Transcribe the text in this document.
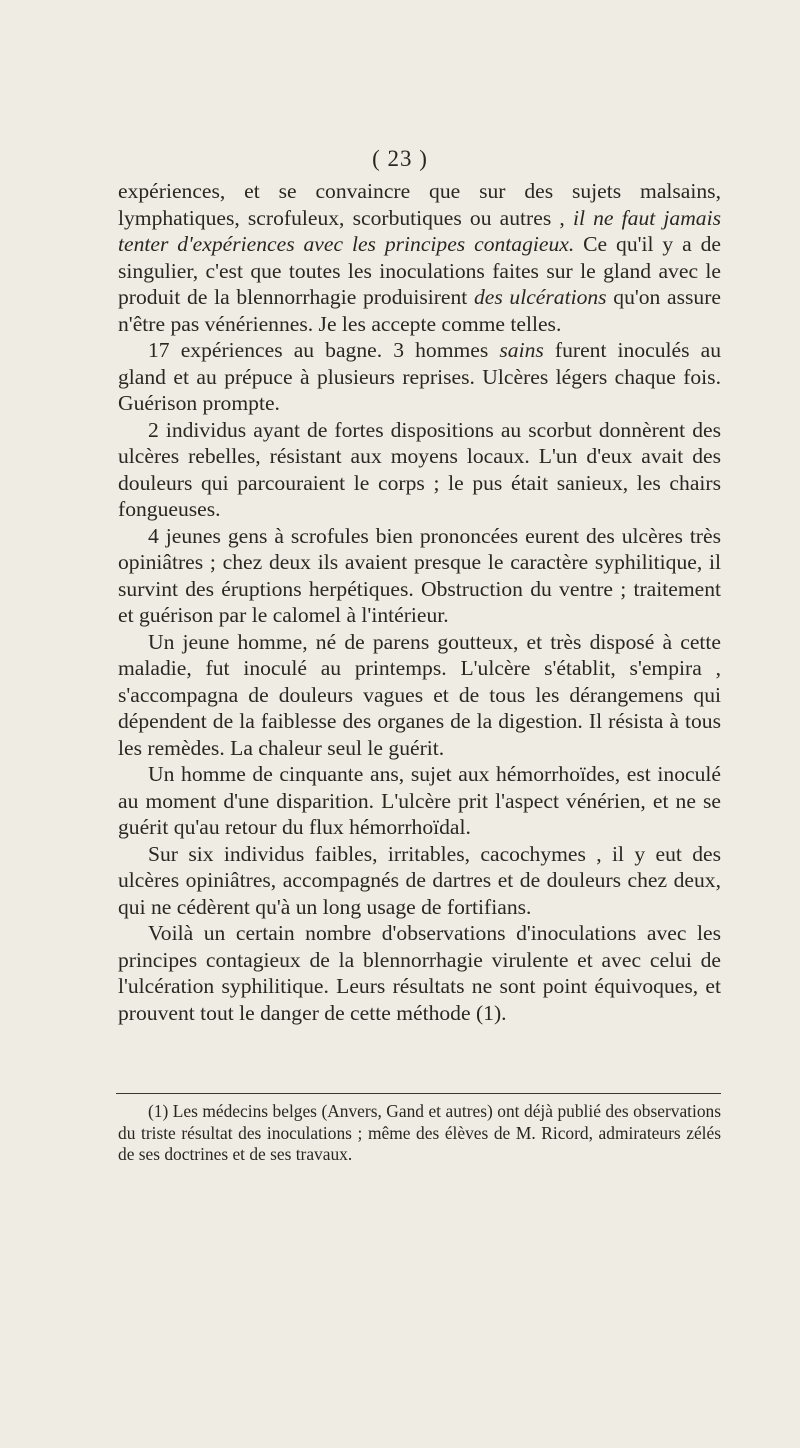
( 23 )

expériences, et se convaincre que sur des sujets malsains, lymphatiques, scrofuleux, scorbutiques ou autres , il ne faut jamais tenter d'expériences avec les principes contagieux. Ce qu'il y a de singulier, c'est que toutes les inoculations faites sur le gland avec le produit de la blennorrhagie produisirent des ulcérations qu'on assure n'être pas vénériennes. Je les accepte comme telles.

17 expériences au bagne. 3 hommes sains furent inoculés au gland et au prépuce à plusieurs reprises. Ulcères légers chaque fois. Guérison prompte.

2 individus ayant de fortes dispositions au scorbut donnèrent des ulcères rebelles, résistant aux moyens locaux. L'un d'eux avait des douleurs qui parcouraient le corps ; le pus était sanieux, les chairs fongueuses.

4 jeunes gens à scrofules bien prononcées eurent des ulcères très opiniâtres ; chez deux ils avaient presque le caractère syphilitique, il survint des éruptions herpétiques. Obstruction du ventre ; traitement et guérison par le calomel à l'intérieur.

Un jeune homme, né de parens goutteux, et très disposé à cette maladie, fut inoculé au printemps. L'ulcère s'établit, s'empira , s'accompagna de douleurs vagues et de tous les dérangemens qui dépendent de la faiblesse des organes de la digestion. Il résista à tous les remèdes. La chaleur seul le guérit.

Un homme de cinquante ans, sujet aux hémorrhoïdes, est inoculé au moment d'une disparition. L'ulcère prit l'aspect vénérien, et ne se guérit qu'au retour du flux hémorrhoïdal.

Sur six individus faibles, irritables, cacochymes , il y eut des ulcères opiniâtres, accompagnés de dartres et de douleurs chez deux, qui ne cédèrent qu'à un long usage de fortifians.

Voilà un certain nombre d'observations d'inoculations avec les principes contagieux de la blennorrhagie virulente et avec celui de l'ulcération syphilitique. Leurs résultats ne sont point équivoques, et prouvent tout le danger de cette méthode (1).

(1) Les médecins belges (Anvers, Gand et autres) ont déjà publié des observations du triste résultat des inoculations ; même des élèves de M. Ricord, admirateurs zélés de ses doctrines et de ses travaux.
